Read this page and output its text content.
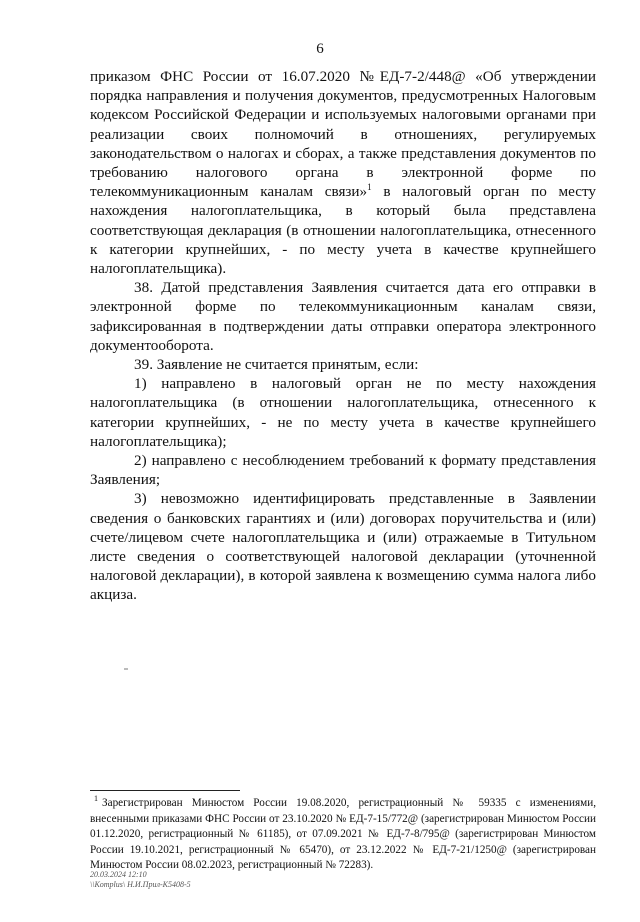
6

приказом ФНС России от 16.07.2020 №ЕД-7-2/448@ «Об утверждении порядка направления и получения документов, предусмотренных Налоговым кодексом Российской Федерации и используемых налоговыми органами при реализации своих полномочий в отношениях, регулируемых законодательством о налогах и сборах, а также представления документов по требованию налогового органа в электронной форме по телекоммуникационным каналам связи»$^1$ в налоговый орган по месту нахождения налогоплательщика, в который была представлена соответствующая декларация (в отношении налогоплательщика, отнесенного к категории крупнейших, - по месту учета в качестве крупнейшего налогоплательщика).

38. Датой представления Заявления считается дата его отправки в электронной форме по телекоммуникационным каналам связи, зафиксированная в подтверждении даты отправки оператора электронного документооборота.

39. Заявление не считается принятым, если:

1) направлено в налоговый орган не по месту нахождения налогоплательщика (в отношении налогоплательщика, отнесенного к категории крупнейших, - не по месту учета в качестве крупнейшего налогоплательщика);

2) направлено с несоблюдением требований к формату представления Заявления;

3) невозможно идентифицировать представленные в Заявлении сведения о банковских гарантиях и (или) договорах поручительства и (или) счете/лицевом счете налогоплательщика и (или) отражаемые в Титульном листе сведения о соответствующей налоговой декларации (уточненной налоговой декларации), в которой заявлена к возмещению сумма налога либо акциза.

$^1$ Зарегистрирован Минюстом России 19.08.2020, регистрационный № 59335 с изменениями, внесенными приказами ФНС России от 23.10.2020 № ЕД-7-15/772@ (зарегистрирован Минюстом России 01.12.2020, регистрационный № 61185), от 07.09.2021 № ЕД-7-8/795@ (зарегистрирован Минюстом России 19.10.2021, регистрационный № 65470), от 23.12.2022 № ЕД-7-21/1250@ (зарегистрирован Минюстом России 08.02.2023, регистрационный № 72283).

20.03.2024 12:10
\\Komplus\ Н.И.Прил-K5408-5
